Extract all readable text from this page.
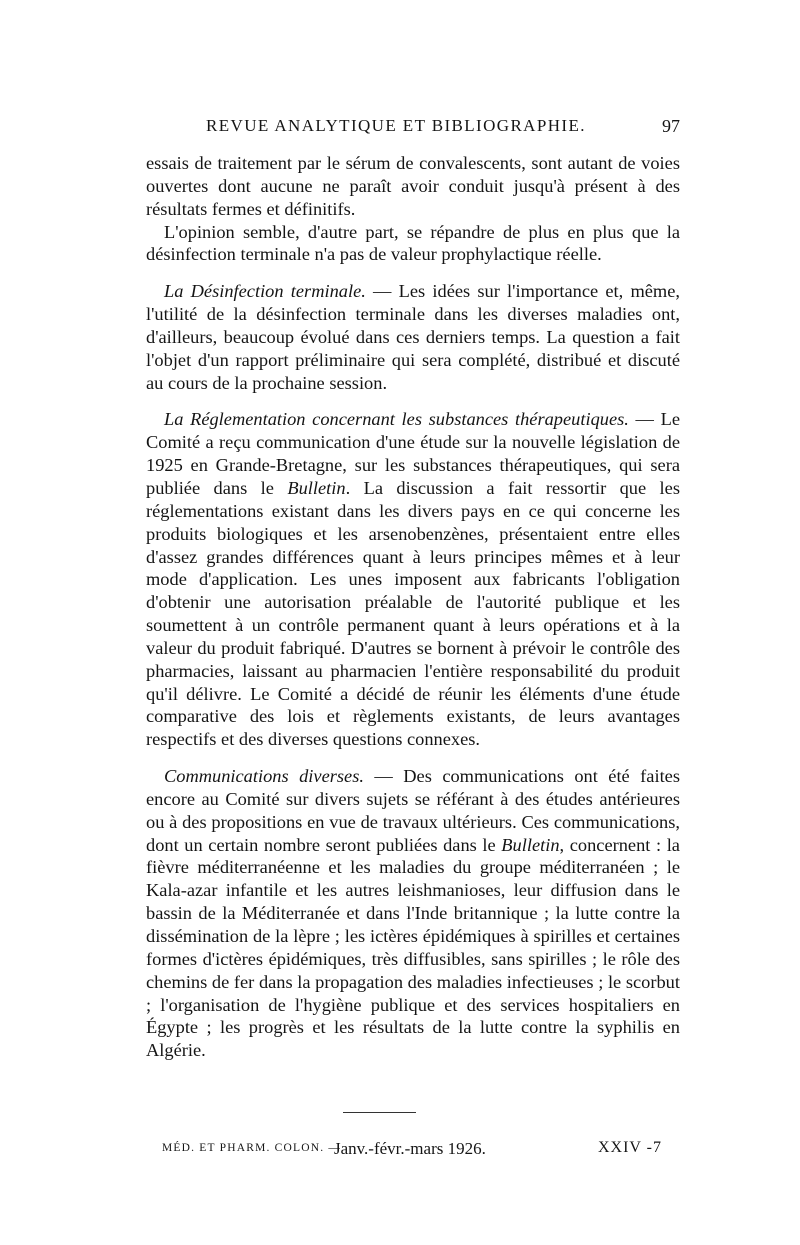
REVUE ANALYTIQUE ET BIBLIOGRAPHIE.	97

essais de traitement par le sérum de convalescents, sont autant de voies ouvertes dont aucune ne paraît avoir conduit jusqu'à présent à des résultats fermes et définitifs.

L'opinion semble, d'autre part, se répandre de plus en plus que la désinfection terminale n'a pas de valeur prophylactique réelle.

La Désinfection terminale. — Les idées sur l'importance et, même, l'utilité de la désinfection terminale dans les diverses maladies ont, d'ailleurs, beaucoup évolué dans ces derniers temps. La question a fait l'objet d'un rapport préliminaire qui sera complété, distribué et discuté au cours de la prochaine session.

La Réglementation concernant les substances thérapeutiques. — Le Comité a reçu communication d'une étude sur la nouvelle législation de 1925 en Grande-Bretagne, sur les substances thérapeutiques, qui sera publiée dans le Bulletin. La discussion a fait ressortir que les réglementations existant dans les divers pays en ce qui concerne les produits biologiques et les arsenobenzènes, présentaient entre elles d'assez grandes différences quant à leurs principes mêmes et à leur mode d'application. Les unes imposent aux fabricants l'obligation d'obtenir une autorisation préalable de l'autorité publique et les soumettent à un contrôle permanent quant à leurs opérations et à la valeur du produit fabriqué. D'autres se bornent à prévoir le contrôle des pharmacies, laissant au pharmacien l'entière responsabilité du produit qu'il délivre. Le Comité a décidé de réunir les éléments d'une étude comparative des lois et règlements existants, de leurs avantages respectifs et des diverses questions connexes.

Communications diverses. — Des communications ont été faites encore au Comité sur divers sujets se référant à des études antérieures ou à des propositions en vue de travaux ultérieurs. Ces communications, dont un certain nombre seront publiées dans le Bulletin, concernent : la fièvre méditerranéenne et les maladies du groupe méditerranéen ; le Kala-azar infantile et les autres leishmanioses, leur diffusion dans le bassin de la Méditerranée et dans l'Inde britannique ; la lutte contre la dissémination de la lèpre ; les ictères épidémiques à spirilles et certaines formes d'ictères épidémiques, très diffusibles, sans spirilles ; le rôle des chemins de fer dans la propagation des maladies infectieuses ; le scorbut ; l'organisation de l'hygiène publique et des services hospitaliers en Égypte ; les progrès et les résultats de la lutte contre la syphilis en Algérie.

MÉD. ET PHARM. COLON. —
Janv.-févr.-mars 1926.	XXIV -7
